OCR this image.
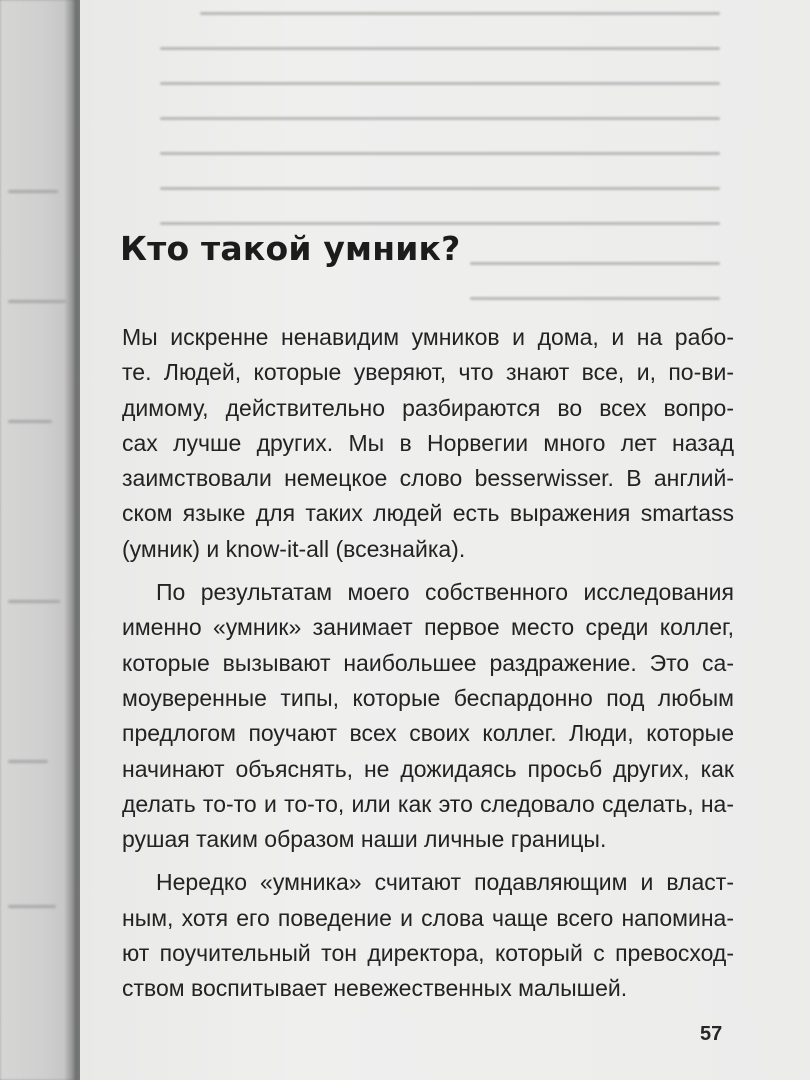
Кто такой умник?

Мы искренне ненавидим умников и дома, и на рабо-
те. Людей, которые уверяют, что знают все, и, по-ви-
димому, действительно разбираются во всех вопро-
сах лучше других. Мы в Норвегии много лет назад
заимствовали немецкое слово besserwisser. В англий-
ском языке для таких людей есть выражения smartass
(умник) и know-it-all (всезнайка).

По результатам моего собственного исследования
именно «умник» занимает первое место среди коллег,
которые вызывают наибольшее раздражение. Это са-
моуверенные типы, которые беспардонно под любым
предлогом поучают всех своих коллег. Люди, которые
начинают объяснять, не дожидаясь просьб других, как
делать то-то и то-то, или как это следовало сделать, на-
рушая таким образом наши личные границы.

Нередко «умника» считают подавляющим и власт-
ным, хотя его поведение и слова чаще всего напомина-
ют поучительный тон директора, который с превосход-
ством воспитывает невежественных малышей.

57
